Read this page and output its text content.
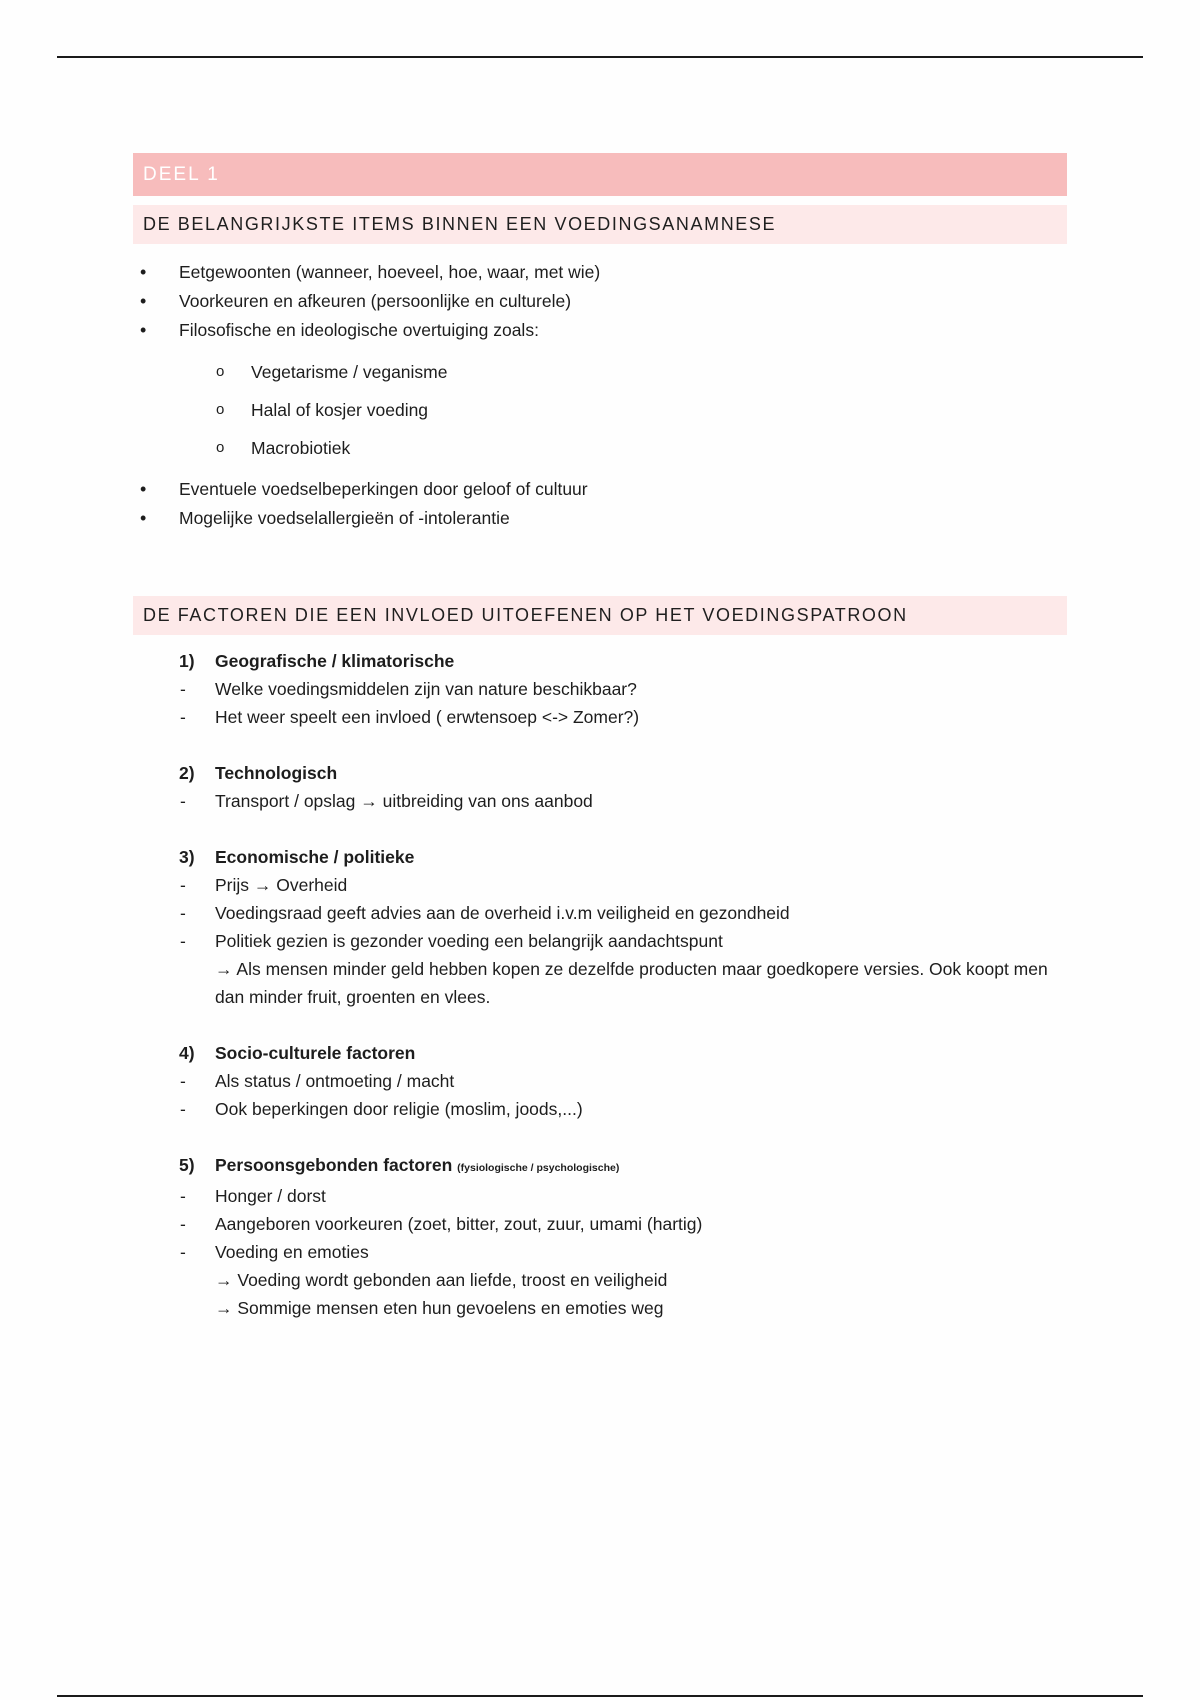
DEEL 1
DE BELANGRIJKSTE ITEMS BINNEN EEN VOEDINGSANAMNESE
• Eetgewoonten (wanneer, hoeveel, hoe, waar, met wie)
• Voorkeuren en afkeuren (persoonlijke en culturele)
• Filosofische en ideologische overtuiging zoals:
o Vegetarisme / veganisme
o Halal of kosjer voeding
o Macrobiotiek
• Eventuele voedselbeperkingen door geloof of cultuur
• Mogelijke voedselallergieën of -intolerantie
DE FACTOREN DIE EEN INVLOED UITOEFENEN OP HET VOEDINGSPATROON
1) Geografische / klimatorische
- Welke voedingsmiddelen zijn van nature beschikbaar?
- Het weer speelt een invloed ( erwtensoep <-> Zomer?)
2) Technologisch
- Transport / opslag → uitbreiding van ons aanbod
3) Economische / politieke
- Prijs → Overheid
- Voedingsraad geeft advies aan de overheid i.v.m veiligheid en gezondheid
- Politiek gezien is gezonder voeding een belangrijk aandachtspunt
→ Als mensen minder geld hebben kopen ze dezelfde producten maar goedkopere versies. Ook koopt men dan minder fruit, groenten en vlees.
4) Socio-culturele factoren
- Als status / ontmoeting / macht
- Ook beperkingen door religie (moslim, joods,...)
5) Persoonsgebonden factoren (fysiologische / psychologische)
- Honger / dorst
- Aangeboren voorkeuren (zoet, bitter, zout, zuur, umami (hartig)
- Voeding en emoties
→ Voeding wordt gebonden aan liefde, troost en veiligheid
→ Sommige mensen eten hun gevoelens en emoties weg
